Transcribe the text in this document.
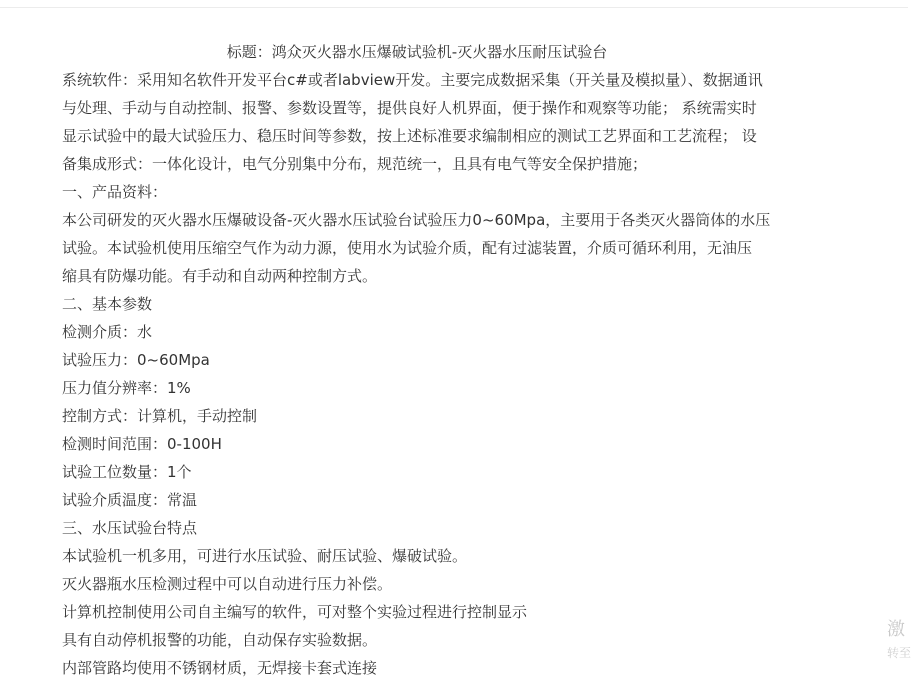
标题：鸿众灭火器水压爆破试验机-灭火器水压耐压试验台
系统软件：采用知名软件开发平台c#或者labview开发。主要完成数据采集（开关量及模拟量）、数据通讯
与处理、手动与自动控制、报警、参数设置等，提供良好人机界面，便于操作和观察等功能； 系统需实时
显示试验中的最大试验压力、稳压时间等参数，按上述标准要求编制相应的测试工艺界面和工艺流程； 设
备集成形式：一体化设计，电气分别集中分布，规范统一，且具有电气等安全保护措施；
一、产品资料：
本公司研发的灭火器水压爆破设备-灭火器水压试验台试验压力0~60Mpa，主要用于各类灭火器筒体的水压
试验。本试验机使用压缩空气作为动力源，使用水为试验介质，配有过滤装置，介质可循环利用，无油压
缩具有防爆功能。有手动和自动两种控制方式。
二、基本参数
检测介质：水
试验压力：0~60Mpa
压力值分辨率：1%
控制方式：计算机，手动控制
检测时间范围：0-100H
试验工位数量：1个
试验介质温度：常温
三、水压试验台特点
本试验机一机多用，可进行水压试验、耐压试验、爆破试验。
灭火器瓶水压检测过程中可以自动进行压力补偿。
计算机控制使用公司自主编写的软件，可对整个实验过程进行控制显示
具有自动停机报警的功能，自动保存实验数据。
内部管路均使用不锈钢材质，无焊接卡套式连接
激
转至
